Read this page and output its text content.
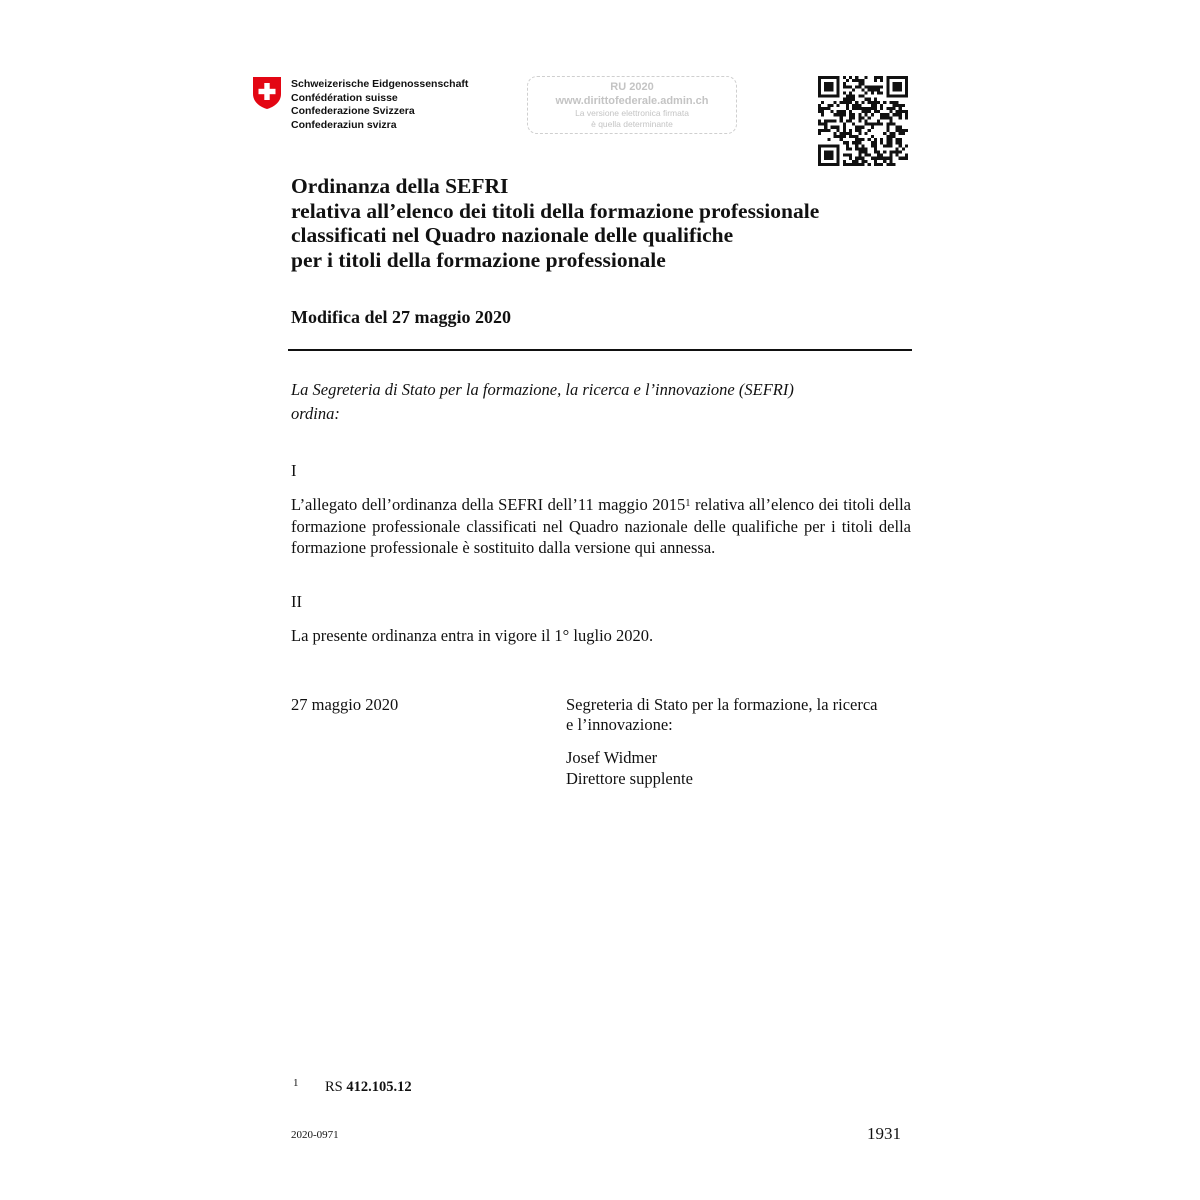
Schweizerische Eidgenossenschaft
Confédération suisse
Confederazione Svizzera
Confederaziun svizra
RU 2020
www.dirittofederale.admin.ch
La versione elettronica firmata
è quella determinante
Ordinanza della SEFRI
relativa all’elenco dei titoli della formazione professionale
classificati nel Quadro nazionale delle qualifiche
per i titoli della formazione professionale
Modifica del 27 maggio 2020
La Segreteria di Stato per la formazione, la ricerca e l’innovazione (SEFRI)
ordina:
I
L’allegato dell’ordinanza della SEFRI dell’11 maggio 2015$^1$ relativa all’elenco dei titoli della formazione professionale classificati nel Quadro nazionale delle qualifiche per i titoli della formazione professionale è sostituito dalla versione qui annessa.
II
La presente ordinanza entra in vigore il 1° luglio 2020.
27 maggio 2020	Segreteria di Stato per la formazione, la ricerca
e l’innovazione:
Josef Widmer
Direttore supplente
1 RS 412.105.12
2020-0971	1931
